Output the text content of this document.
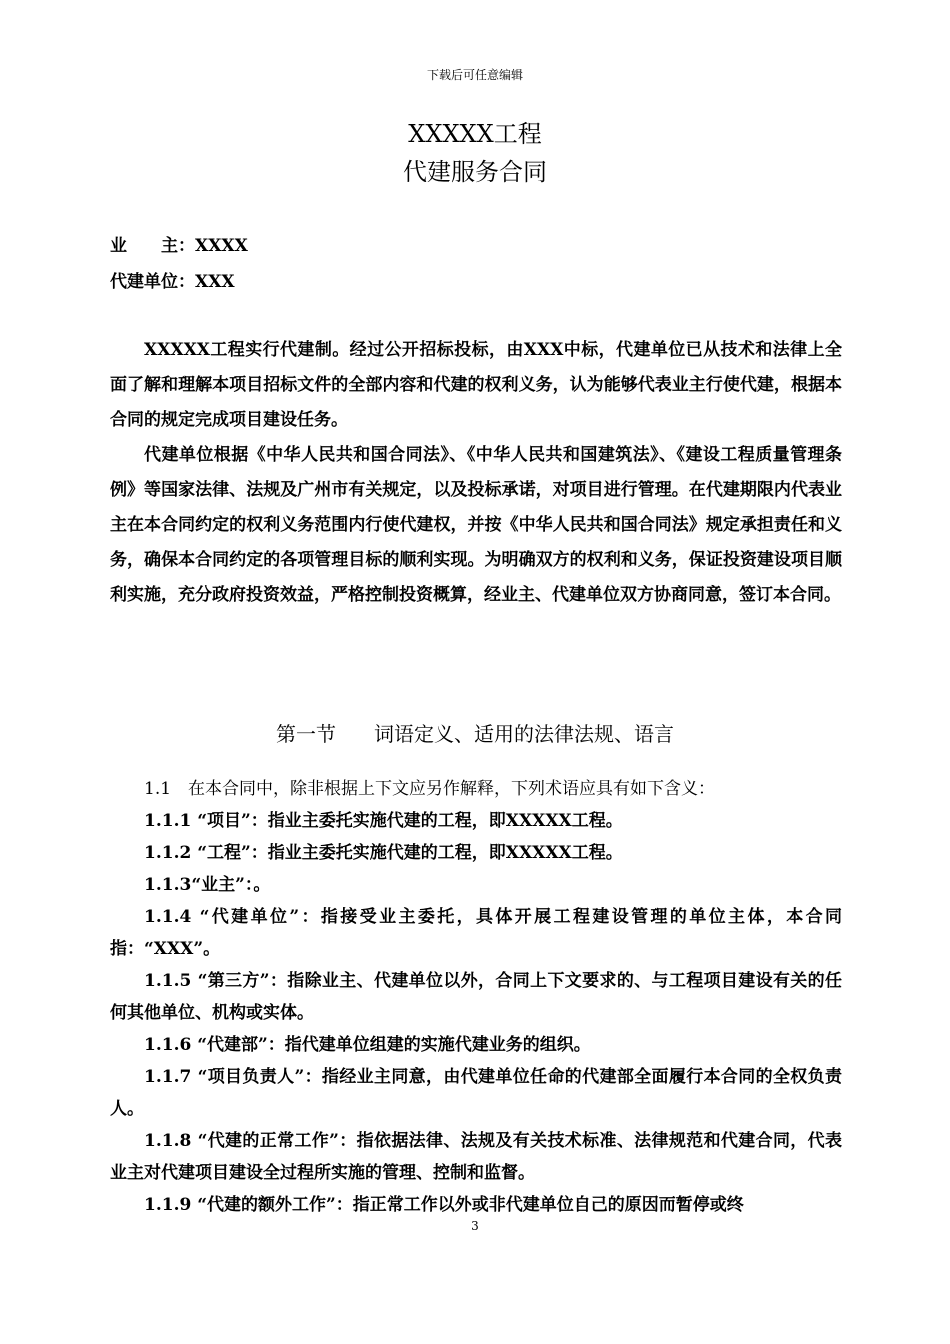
下载后可任意编辑
XXXXX工程
代建服务合同
业　　主：XXXX
代建单位：XXX

XXXXX工程实行代建制。经过公开招标投标，由XXX中标，代建单位已从技术和法律上全面了解和理解本项目招标文件的全部内容和代建的权利义务，认为能够代表业主行使代建，根据本合同的规定完成项目建设任务。

代建单位根据《中华人民共和国合同法》、《中华人民共和国建筑法》、《建设工程质量管理条例》等国家法律、法规及广州市有关规定，以及投标承诺，对项目进行管理。在代建期限内代表业主在本合同约定的权利义务范围内行使代建权，并按《中华人民共和国合同法》规定承担责任和义务，确保本合同约定的各项管理目标的顺利实现。为明确双方的权利和义务，保证投资建设项目顺利实施，充分政府投资效益，严格控制投资概算，经业主、代建单位双方协商同意，签订本合同。

第一节 词语定义、适用的法律法规、语言

1.1　在本合同中，除非根据上下文应另作解释，下列术语应具有如下含义：

1.1.1 “项目”：指业主委托实施代建的工程，即XXXXX工程。

1.1.2 “工程”：指业主委托实施代建的工程，即XXXXX工程。

1.1.3“业主”：。

1.1.4 “代建单位”：指接受业主委托，具体开展工程建设管理的单位主体，本合同指：“XXX”。

1.1.5 “第三方”：指除业主、代建单位以外，合同上下文要求的、与工程项目建设有关的任何其他单位、机构或实体。

1.1.6 “代建部”：指代建单位组建的实施代建业务的组织。

1.1.7 “项目负责人”：指经业主同意，由代建单位任命的代建部全面履行本合同的全权负责人。

1.1.8 “代建的正常工作”：指依据法律、法规及有关技术标准、法律规范和代建合同，代表业主对代建项目建设全过程所实施的管理、控制和监督。

1.1.9 “代建的额外工作”：指正常工作以外或非代建单位自己的原因而暂停或终

3
